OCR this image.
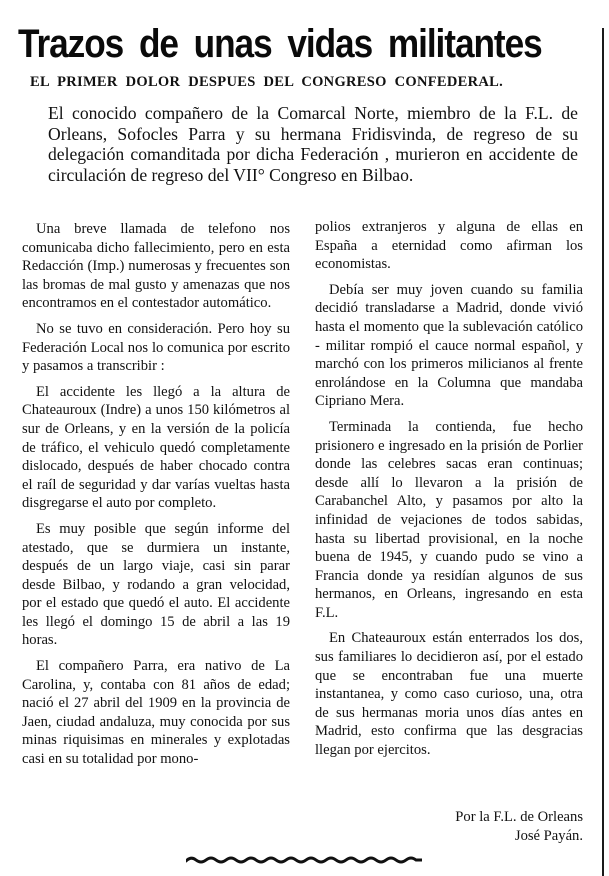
Trazos de unas vidas militantes
EL PRIMER DOLOR DESPUES DEL CONGRESO CONFEDERAL.

El conocido compañero de la Comarcal Norte, miembro de la F.L. de Orleans, Sofocles Parra y su hermana Fridisvinda, de regreso de su delegación comanditada por dicha Federación , murieron en accidente de circulación de regreso del VII° Congreso en Bilbao.

Una breve llamada de telefono nos comunicaba dicho fallecimiento, pero en esta Redacción (Imp.) numerosas y frecuentes son las bromas de mal gusto y amenazas que nos encontramos en el contestador automático.

No se tuvo en consideración. Pero hoy su Federación Local nos lo comunica por escrito y pasamos a transcribir :

El accidente les llegó a la altura de Chateauroux (Indre) a unos 150 kilómetros al sur de Orleans, y en la versión de la policía de tráfico, el vehiculo quedó completamente dislocado, después de haber chocado contra el raíl de seguridad y dar varías vueltas hasta disgregarse el auto por completo.

Es muy posible que según informe del atestado, que se durmiera un instante, después de un largo viaje, casi sin parar desde Bilbao, y rodando a gran velocidad, por el estado que quedó el auto. El accidente les llegó el domingo 15 de abril a las 19 horas.

El compañero Parra, era nativo de La Carolina, y, contaba con 81 años de edad; nació el 27 abril del 1909 en la provincia de Jaen, ciudad andaluza, muy conocida por sus minas riquisimas en minerales y explotadas casi en su totalidad por mono-

polios extranjeros y alguna de ellas en España a eternidad como afirman los economistas.

Debía ser muy joven cuando su familia decidió transladarse a Madrid, donde vivió hasta el momento que la sublevación católico - militar rompió el cauce normal español, y marchó con los primeros milicianos al frente enrolándose en la Columna que mandaba Cipriano Mera.

Terminada la contienda, fue hecho prisionero e ingresado en la prisión de Porlier donde las celebres sacas eran continuas; desde allí lo llevaron a la prisión de Carabanchel Alto, y pasamos por alto la infinidad de vejaciones de todos sabidas, hasta su libertad provisional, en la noche buena de 1945, y cuando pudo se vino a Francia donde ya residían algunos de sus hermanos, en Orleans, ingresando en esta F.L.

En Chateauroux están enterrados los dos, sus familiares lo decidieron así, por el estado que se encontraban fue una muerte instantanea, y como caso curioso, una, otra de sus hermanas moria unos días antes en Madrid, esto confirma que las desgracias llegan por ejercitos.

Por la F.L. de Orleans
José Payán.
